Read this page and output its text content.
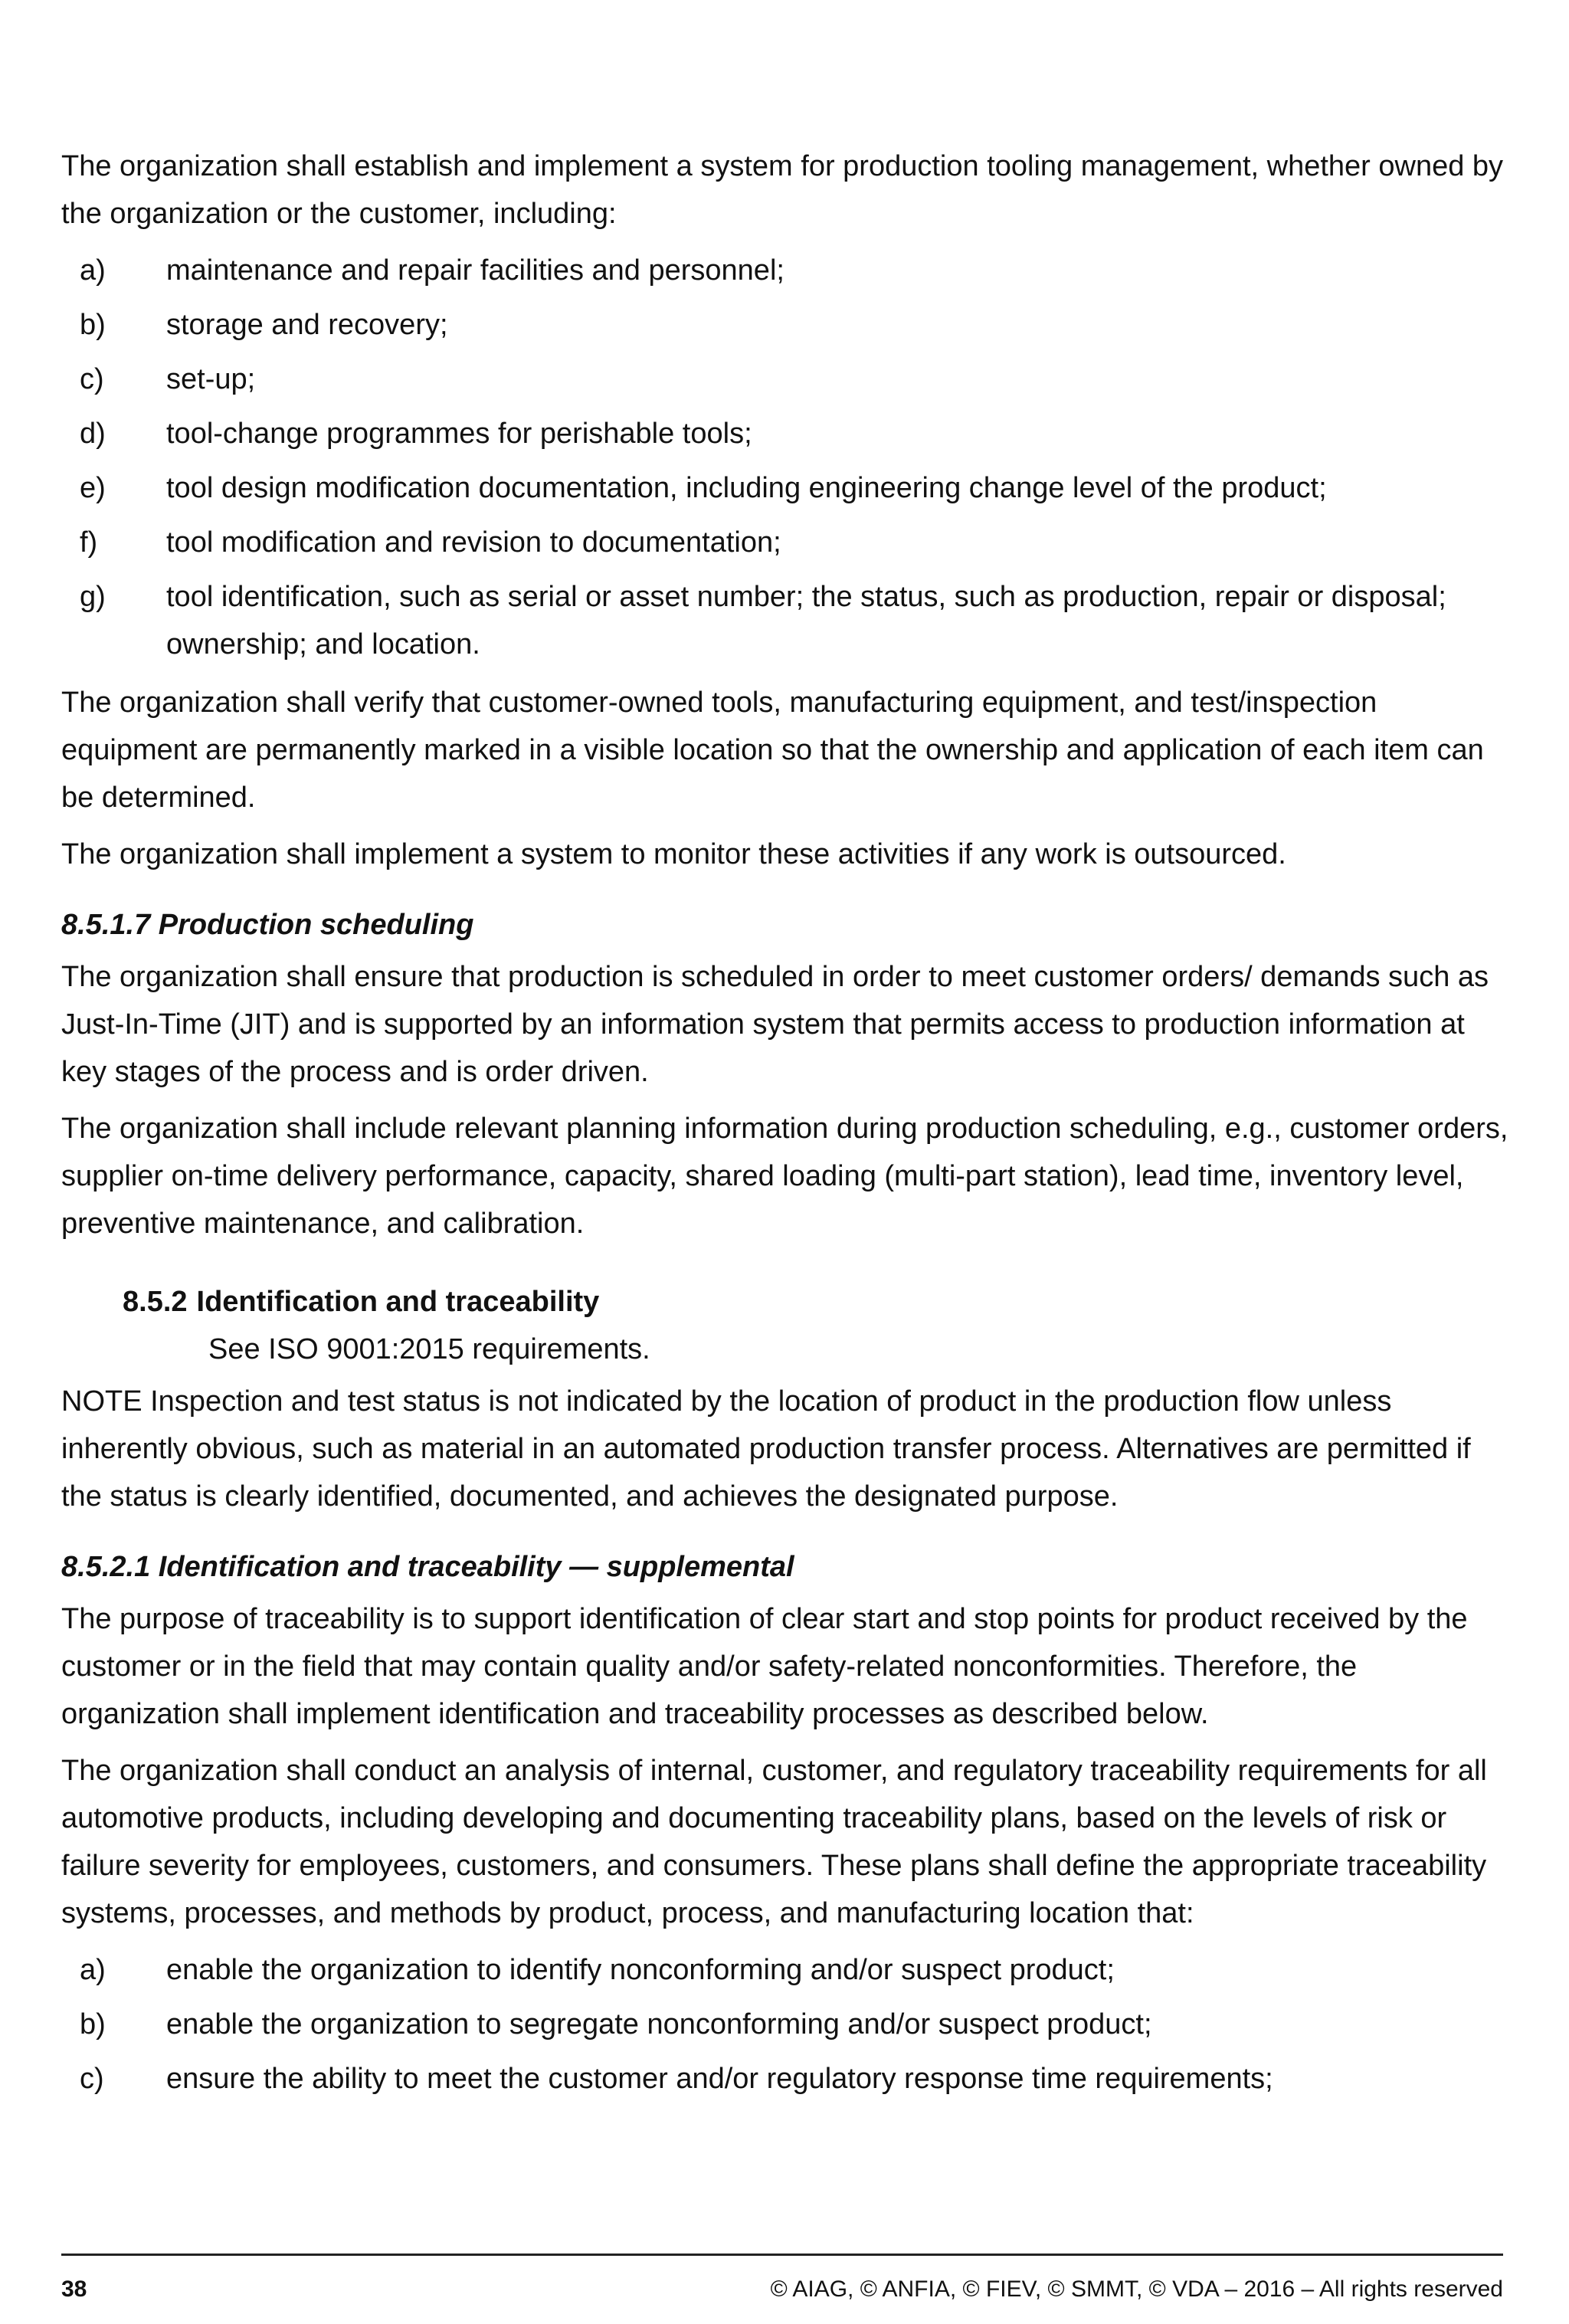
The organization shall establish and implement a system for production tooling management, whether owned by the organization or the customer, including:

a)	maintenance and repair facilities and personnel;
b)	storage and recovery;
c)	set-up;
d)	tool-change programmes for perishable tools;
e)	tool design modification documentation, including engineering change level of the product;
f)	tool modification and revision to documentation;
g)	tool identification, such as serial or asset number; the status, such as production, repair or disposal; ownership; and location.

The organization shall verify that customer-owned tools, manufacturing equipment, and test/inspection equipment are permanently marked in a visible location so that the ownership and application of each item can be determined.

The organization shall implement a system to monitor these activities if any work is outsourced.

8.5.1.7 Production scheduling

The organization shall ensure that production is scheduled in order to meet customer orders/ demands such as Just-In-Time (JIT) and is supported by an information system that permits access to production information at key stages of the process and is order driven.

The organization shall include relevant planning information during production scheduling, e.g., customer orders, supplier on-time delivery performance, capacity, shared loading (multi-part station), lead time, inventory level, preventive maintenance, and calibration.

8.5.2 Identification and traceability
See ISO 9001:2015 requirements.

NOTE Inspection and test status is not indicated by the location of product in the production flow unless inherently obvious, such as material in an automated production transfer process. Alternatives are permitted if the status is clearly identified, documented, and achieves the designated purpose.

8.5.2.1 Identification and traceability — supplemental

The purpose of traceability is to support identification of clear start and stop points for product received by the customer or in the field that may contain quality and/or safety-related nonconformities. Therefore, the organization shall implement identification and traceability processes as described below.

The organization shall conduct an analysis of internal, customer, and regulatory traceability requirements for all automotive products, including developing and documenting traceability plans, based on the levels of risk or failure severity for employees, customers, and consumers. These plans shall define the appropriate traceability systems, processes, and methods by product, process, and manufacturing location that:

a)	enable the organization to identify nonconforming and/or suspect product;
b)	enable the organization to segregate nonconforming and/or suspect product;
c)	ensure the ability to meet the customer and/or regulatory response time requirements;
38	© AIAG, © ANFIA, © FIEV, © SMMT, © VDA – 2016 – All rights reserved
